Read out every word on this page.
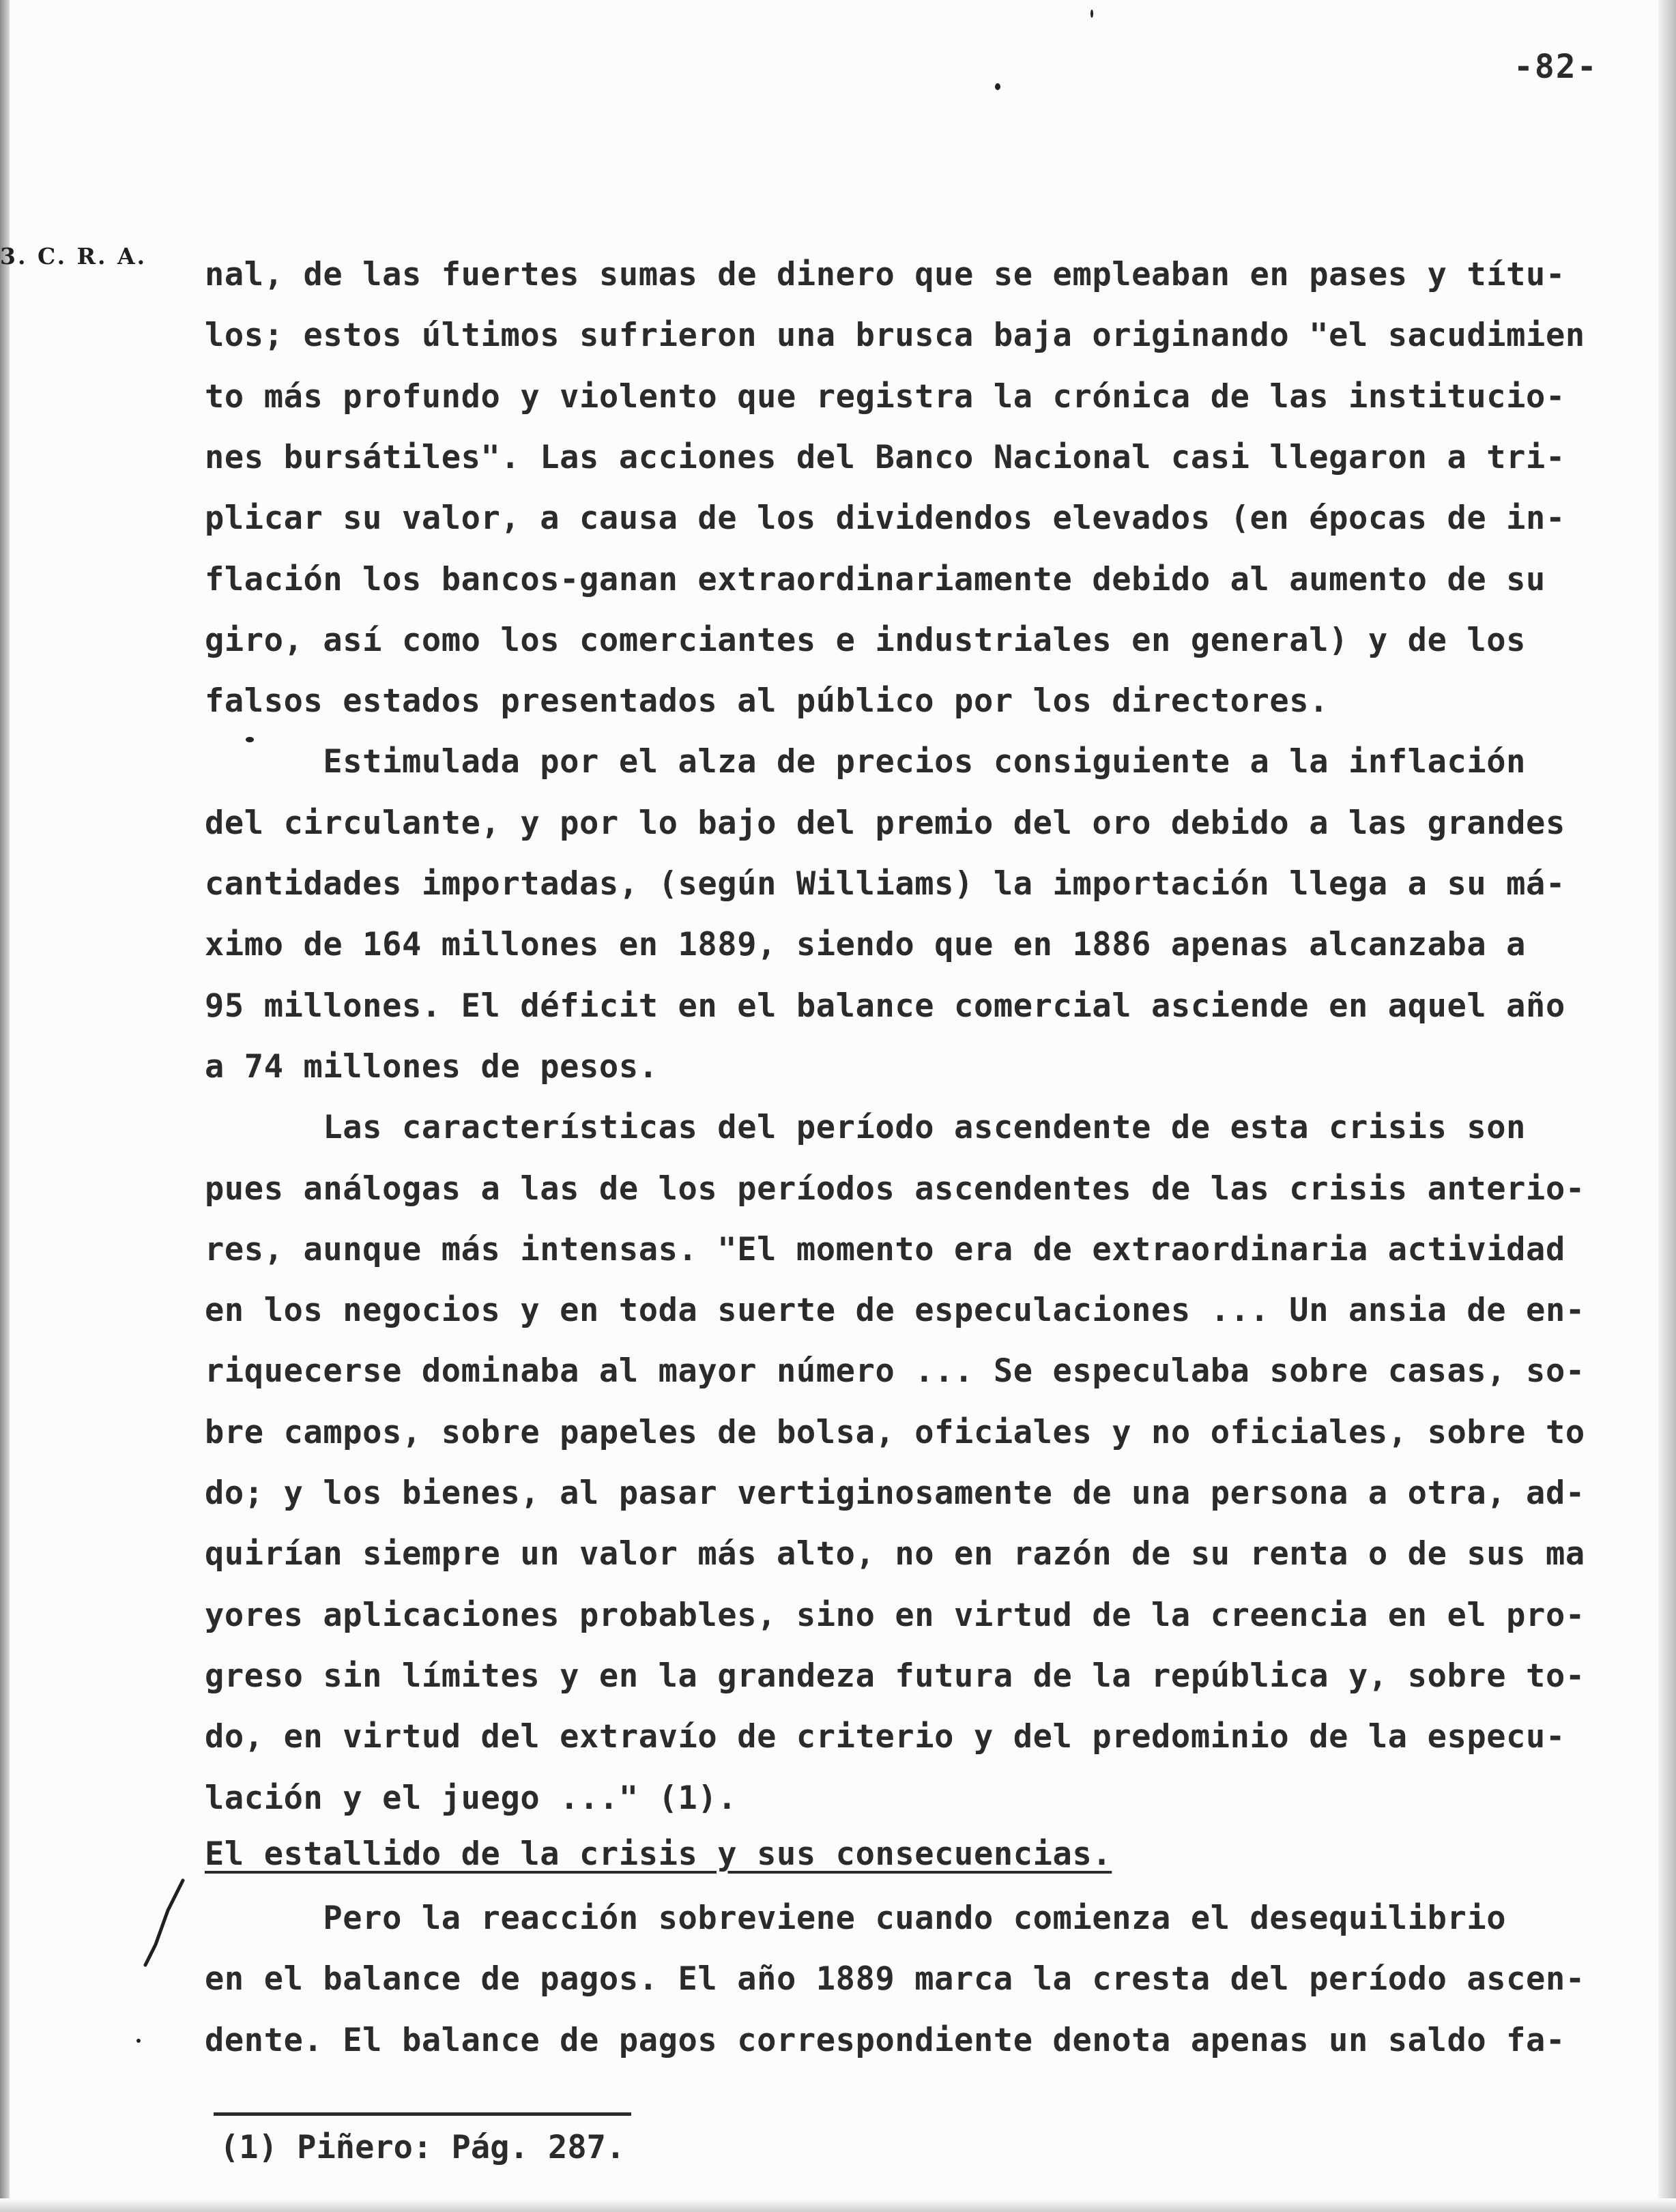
-82-
3. C. R. A. nal, de las fuertes sumas de dinero que se empleaban en pases y títu-
los; estos últimos sufrieron una brusca baja originando "el sacudimien
to más profundo y violento que registra la crónica de las institucio-
nes bursátiles". Las acciones del Banco Nacional casi llegaron a tri-
plicar su valor, a causa de los dividendos elevados (en épocas de in-
flación los bancos-ganan extraordinariamente debido al aumento de su
giro, así como los comerciantes e industriales en general) y de los
falsos estados presentados al público por los directores.
Estimulada por el alza de precios consiguiente a la inflación
del circulante, y por lo bajo del premio del oro debido a las grandes
cantidades importadas, (según Williams) la importación llega a su má-
ximo de 164 millones en 1889, siendo que en 1886 apenas alcanzaba a
95 millones. El déficit en el balance comercial asciende en aquel año
a 74 millones de pesos.
Las características del período ascendente de esta crisis son
pues análogas a las de los períodos ascendentes de las crisis anterio-
res, aunque más intensas. "El momento era de extraordinaria actividad
en los negocios y en toda suerte de especulaciones ... Un ansia de en-
riquecerse dominaba al mayor número ... Se especulaba sobre casas, so-
bre campos, sobre papeles de bolsa, oficiales y no oficiales, sobre to
do; y los bienes, al pasar vertiginosamente de una persona a otra, ad-
quirían siempre un valor más alto, no en razón de su renta o de sus ma
yores aplicaciones probables, sino en virtud de la creencia en el pro-
greso sin límites y en la grandeza futura de la república y, sobre to-
do, en virtud del extravío de criterio y del predominio de la especu-
lación y el juego ..." (1).
El estallido de la crisis y sus consecuencias.
Pero la reacción sobreviene cuando comienza el desequilibrio
en el balance de pagos. El año 1889 marca la cresta del período ascen-
dente. El balance de pagos correspondiente denota apenas un saldo fa-
(1) Piñero: Pág. 287.
